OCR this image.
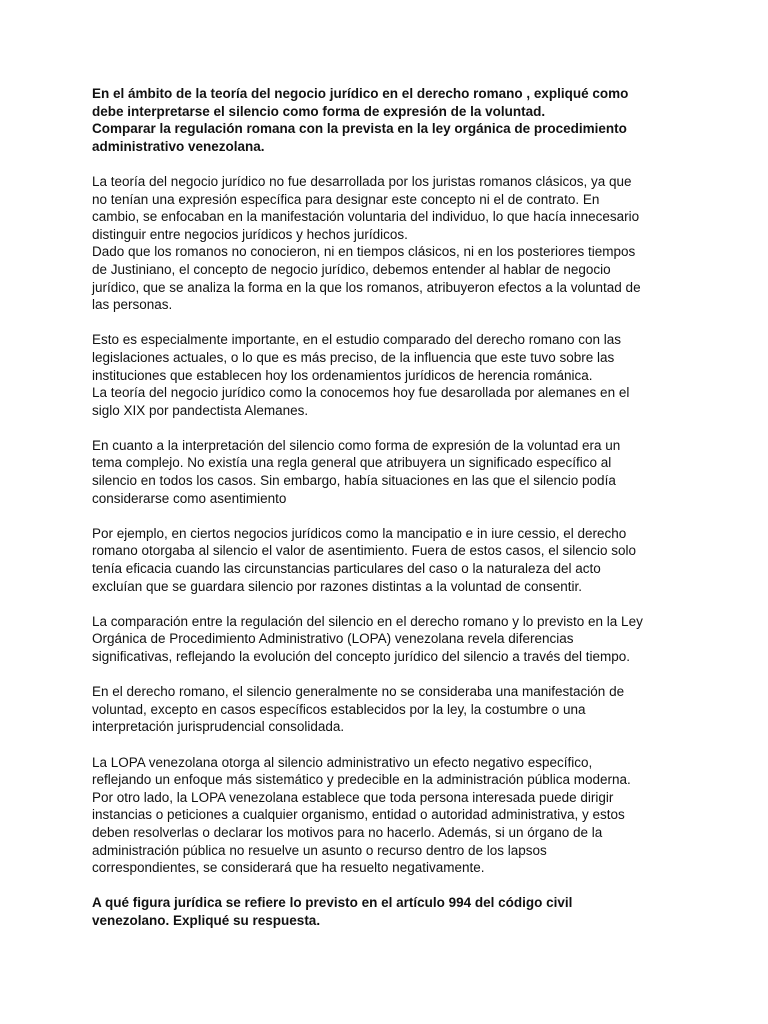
En el ámbito de la teoría del negocio jurídico en el derecho romano , expliqué como
debe interpretarse el silencio como forma de expresión de la voluntad.
Comparar la regulación romana con la prevista en la ley orgánica de procedimiento
administrativo venezolana.
La teoría del negocio jurídico no fue desarrollada por los juristas romanos clásicos, ya que
no tenían una expresión específica para designar este concepto ni el de contrato. En
cambio, se enfocaban en la manifestación voluntaria del individuo, lo que hacía innecesario
distinguir entre negocios jurídicos y hechos jurídicos.
Dado que los romanos no conocieron, ni en tiempos clásicos, ni en los posteriores tiempos
de Justiniano, el concepto de negocio jurídico, debemos entender al hablar de negocio
jurídico, que se analiza la forma en la que los romanos, atribuyeron efectos a la voluntad de
las personas.
Esto es especialmente importante, en el estudio comparado del derecho romano con las
legislaciones actuales, o lo que es más preciso, de la influencia que este tuvo sobre las
instituciones que establecen hoy los ordenamientos jurídicos de herencia románica.
La teoría del negocio jurídico como la conocemos hoy fue desarollada por alemanes en el
siglo XIX por pandectista Alemanes.
En cuanto a la interpretación del silencio como forma de expresión de la voluntad era un
tema complejo. No existía una regla general que atribuyera un significado específico al
silencio en todos los casos. Sin embargo, había situaciones en las que el silencio podía
considerarse como asentimiento
Por ejemplo, en ciertos negocios jurídicos como la mancipatio e in iure cessio, el derecho
romano otorgaba al silencio el valor de asentimiento. Fuera de estos casos, el silencio solo
tenía eficacia cuando las circunstancias particulares del caso o la naturaleza del acto
excluían que se guardara silencio por razones distintas a la voluntad de consentir.
La comparación entre la regulación del silencio en el derecho romano y lo previsto en la Ley
Orgánica de Procedimiento Administrativo (LOPA) venezolana revela diferencias
significativas, reflejando la evolución del concepto jurídico del silencio a través del tiempo.
En el derecho romano, el silencio generalmente no se consideraba una manifestación de
voluntad, excepto en casos específicos establecidos por la ley, la costumbre o una
interpretación jurisprudencial consolidada.
La LOPA venezolana otorga al silencio administrativo un efecto negativo específico,
reflejando un enfoque más sistemático y predecible en la administración pública moderna.
Por otro lado, la LOPA venezolana establece que toda persona interesada puede dirigir
instancias o peticiones a cualquier organismo, entidad o autoridad administrativa, y estos
deben resolverlas o declarar los motivos para no hacerlo. Además, si un órgano de la
administración pública no resuelve un asunto o recurso dentro de los lapsos
correspondientes, se considerará que ha resuelto negativamente.
A qué figura jurídica se refiere lo previsto en el artículo 994 del código civil
venezolano. Expliqué su respuesta.
